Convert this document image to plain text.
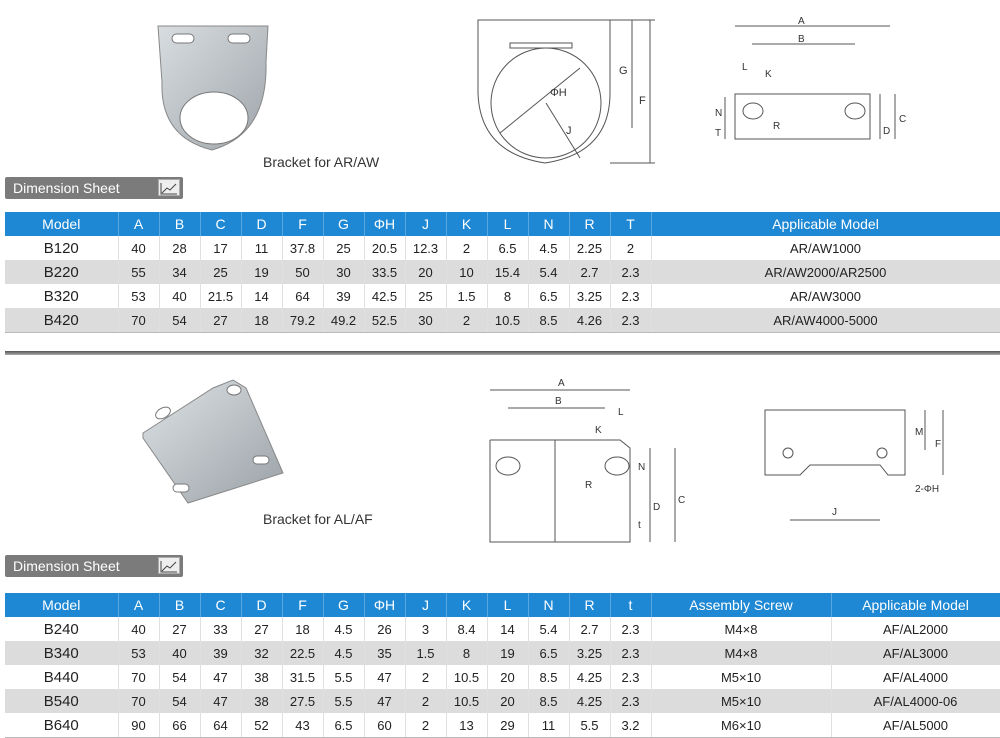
Bracket for AR/AW
ΦH
J
G
F
A
B
L
K
N
T
R	D
C
Dimension Sheet
Model	A	B	C	D	F	G	ΦH	J	K	L	N	R	T	Applicable Model
B120	40	28	17	11	37.8	25	20.5	12.3	2	6.5	4.5	2.25	2	AR/AW1000
B220	55	34	25	19	50	30	33.5	20	10	15.4	5.4	2.7	2.3	AR/AW2000/AR2500
B320	53	40	21.5	14	64	39	42.5	25	1.5	8	6.5	3.25	2.3	AR/AW3000
B420	70	54	27	18	79.2	49.2	52.5	30	2	10.5	8.5	4.26	2.3	AR/AW4000-5000
Bracket for AL/AF
A
B
L
K
N
R
D
C
t
M
F
2-ΦH
J
Dimension Sheet
Model	A	B	C	D	F	G	ΦH	J	K	L	N	R	t	Assembly Screw	Applicable Model
B240	40	27	33	27	18	4.5	26	3	8.4	14	5.4	2.7	2.3	M4×8	AF/AL2000
B340	53	40	39	32	22.5	4.5	35	1.5	8	19	6.5	3.25	2.3	M4×8	AF/AL3000
B440	70	54	47	38	31.5	5.5	47	2	10.5	20	8.5	4.25	2.3	M5×10	AF/AL4000
B540	70	54	47	38	27.5	5.5	47	2	10.5	20	8.5	4.25	2.3	M5×10	AF/AL4000-06
B640	90	66	64	52	43	6.5	60	2	13	29	11	5.5	3.2	M6×10	AF/AL5000
